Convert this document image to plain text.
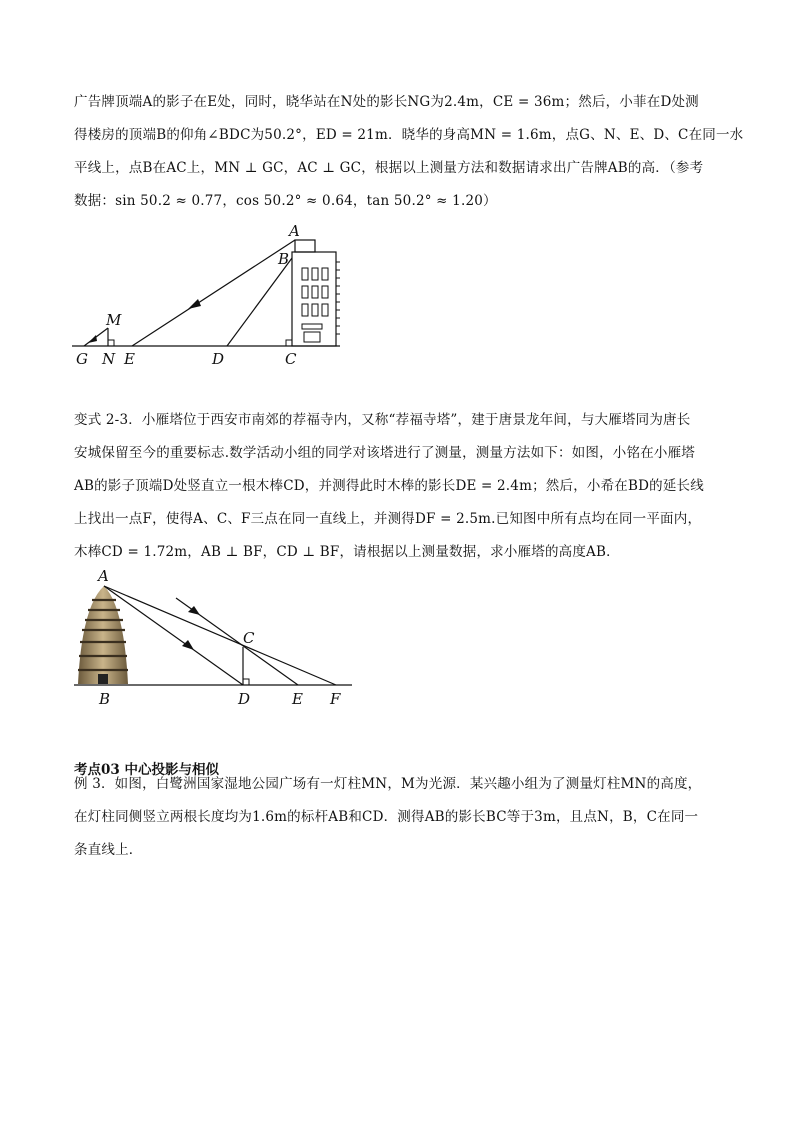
广告牌顶端A的影子在E处，同时，晓华站在N处的影长NG为2.4m，CE = 36m；然后，小菲在D处测
得楼房的顶端B的仰角∠BDC为50.2°，ED = 21m．晓华的身高MN = 1.6m，点G、N、E、D、C在同一水
平线上，点B在AC上，MN ⊥ GC，AC ⊥ GC，根据以上测量方法和数据请求出广告牌AB的高．（参考
数据：sin 50.2 ≈ 0.77，cos 50.2° ≈ 0.64，tan 50.2° ≈ 1.20）
A
B
M
G N E	D	C
变式 2-3．小雁塔位于西安市南郊的荐福寺内，又称“荐福寺塔”，建于唐景龙年间，与大雁塔同为唐长
安城保留至今的重要标志.数学活动小组的同学对该塔进行了测量，测量方法如下：如图，小铭在小雁塔
AB的影子顶端D处竖直立一根木棒CD，并测得此时木棒的影长DE = 2.4m；然后，小希在BD的延长线
上找出一点F，使得A、C、F三点在同一直线上，并测得DF = 2.5m.已知图中所有点均在同一平面内，
木棒CD = 1.72m，AB ⊥ BF，CD ⊥ BF，请根据以上测量数据，求小雁塔的高度AB．
A
C
B	D	E F
考点03 中心投影与相似
例 3．如图，白鹭洲国家湿地公园广场有一灯柱MN，M为光源．某兴趣小组为了测量灯柱MN的高度，
在灯柱同侧竖立两根长度均为1.6m的标杆AB和CD．测得AB的影长BC等于3m，且点N，B，C在同一
条直线上．
